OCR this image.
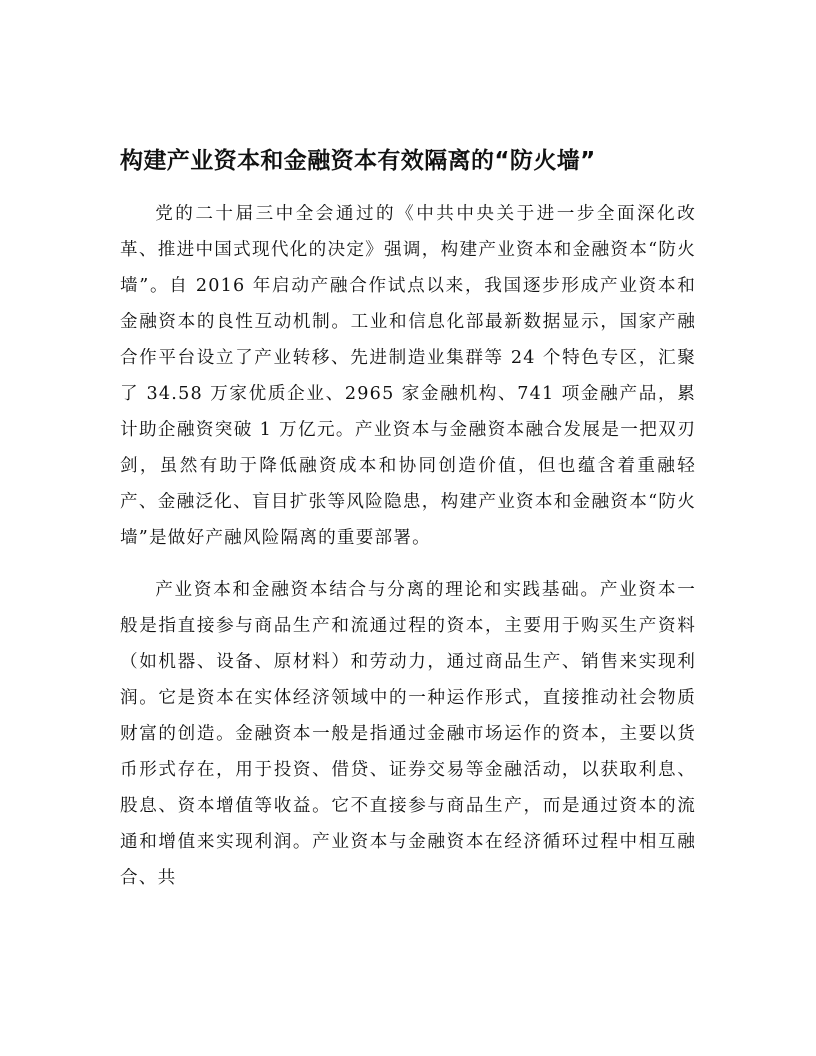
构建产业资本和金融资本有效隔离的“防火墙”

党的二十届三中全会通过的《中共中央关于进一步全面深化改革、推进中国式现代化的决定》强调，构建产业资本和金融资本“防火墙”。自 2016 年启动产融合作试点以来，我国逐步形成产业资本和金融资本的良性互动机制。工业和信息化部最新数据显示，国家产融合作平台设立了产业转移、先进制造业集群等 24 个特色专区，汇聚了 34.58 万家优质企业、2965 家金融机构、741 项金融产品，累计助企融资突破 1 万亿元。产业资本与金融资本融合发展是一把双刃剑，虽然有助于降低融资成本和协同创造价值，但也蕴含着重融轻产、金融泛化、盲目扩张等风险隐患，构建产业资本和金融资本“防火墙”是做好产融风险隔离的重要部署。

产业资本和金融资本结合与分离的理论和实践基础。产业资本一般是指直接参与商品生产和流通过程的资本，主要用于购买生产资料（如机器、设备、原材料）和劳动力，通过商品生产、销售来实现利润。它是资本在实体经济领域中的一种运作形式，直接推动社会物质财富的创造。金融资本一般是指通过金融市场运作的资本，主要以货币形式存在，用于投资、借贷、证券交易等金融活动，以获取利息、股息、资本增值等收益。它不直接参与商品生产，而是通过资本的流通和增值来实现利润。产业资本与金融资本在经济循环过程中相互融合、共
